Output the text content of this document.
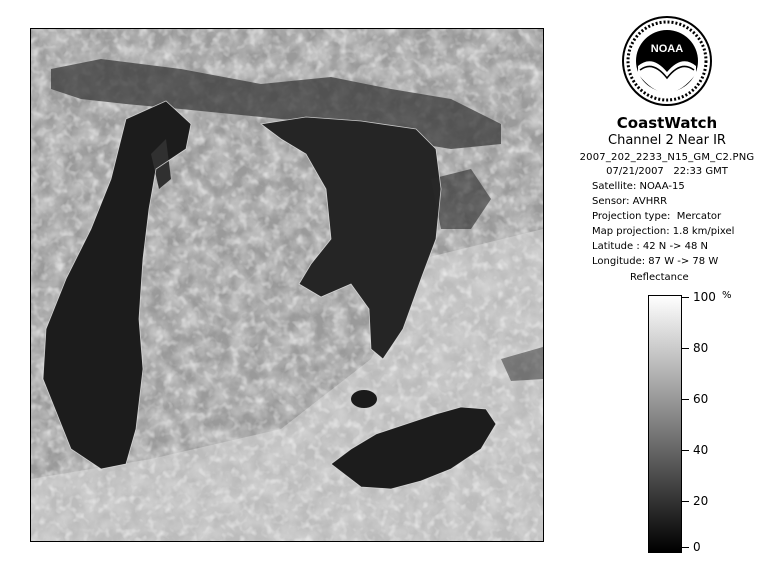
NOAA
CoastWatch
Channel 2 Near IR
2007_202_2233_N15_GM_C2.PNG
07/21/2007 22:33 GMT
Satellite: NOAA-15
Sensor: AVHRR
Projection type:  Mercator
Map projection: 1.8 km/pixel
Latitude : 42 N -> 48 N
Longitude: 87 W -> 78 W
Reflectance
%
100
80
60
40
20
0
